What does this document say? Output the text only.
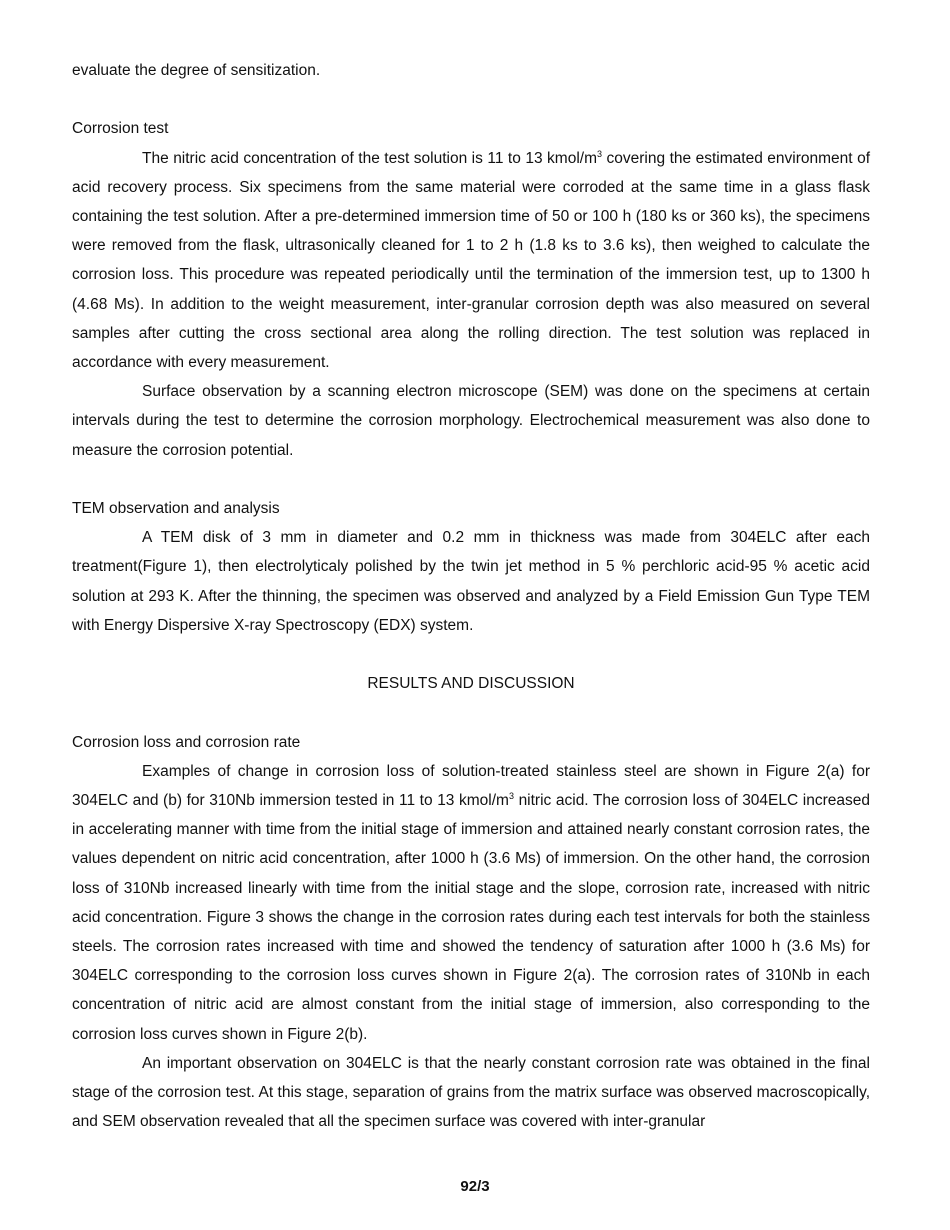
evaluate the degree of sensitization.

Corrosion test

The nitric acid concentration of the test solution is 11 to 13 kmol/$m^3$ covering the estimated environment of acid recovery process. Six specimens from the same material were corroded at the same time in a glass flask containing the test solution. After a pre-determined immersion time of 50 or 100 h (180 ks or 360 ks), the specimens were removed from the flask, ultrasonically cleaned for 1 to 2 h (1.8 ks to 3.6 ks), then weighed to calculate the corrosion loss. This procedure was repeated periodically until the termination of the immersion test, up to 1300 h (4.68 Ms). In addition to the weight measurement, inter-granular corrosion depth was also measured on several samples after cutting the cross sectional area along the rolling direction. The test solution was replaced in accordance with every measurement.

Surface observation by a scanning electron microscope (SEM) was done on the specimens at certain intervals during the test to determine the corrosion morphology. Electrochemical measurement was also done to measure the corrosion potential.

TEM observation and analysis

A TEM disk of 3 mm in diameter and 0.2 mm in thickness was made from 304ELC after each treatment(Figure 1), then electrolyticaly polished by the twin jet method in 5 % perchloric acid-95 % acetic acid solution at 293 K. After the thinning, the specimen was observed and analyzed by a Field Emission Gun Type TEM with Energy Dispersive X-ray Spectroscopy (EDX) system.

RESULTS AND DISCUSSION

Corrosion loss and corrosion rate

Examples of change in corrosion loss of solution-treated stainless steel are shown in Figure 2(a) for 304ELC and (b) for 310Nb immersion tested in 11 to 13 kmol/$m^3$ nitric acid. The corrosion loss of 304ELC increased in accelerating manner with time from the initial stage of immersion and attained nearly constant corrosion rates, the values dependent on nitric acid concentration, after 1000 h (3.6 Ms) of immersion. On the other hand, the corrosion loss of 310Nb increased linearly with time from the initial stage and the slope, corrosion rate, increased with nitric acid concentration. Figure 3 shows the change in the corrosion rates during each test intervals for both the stainless steels. The corrosion rates increased with time and showed the tendency of saturation after 1000 h (3.6 Ms) for 304ELC corresponding to the corrosion loss curves shown in Figure 2(a). The corrosion rates of 310Nb in each concentration of nitric acid are almost constant from the initial stage of immersion, also corresponding to the corrosion loss curves shown in Figure 2(b).

An important observation on 304ELC is that the nearly constant corrosion rate was obtained in the final stage of the corrosion test. At this stage, separation of grains from the matrix surface was observed macroscopically, and SEM observation revealed that all the specimen surface was covered with inter-granular

92/3
